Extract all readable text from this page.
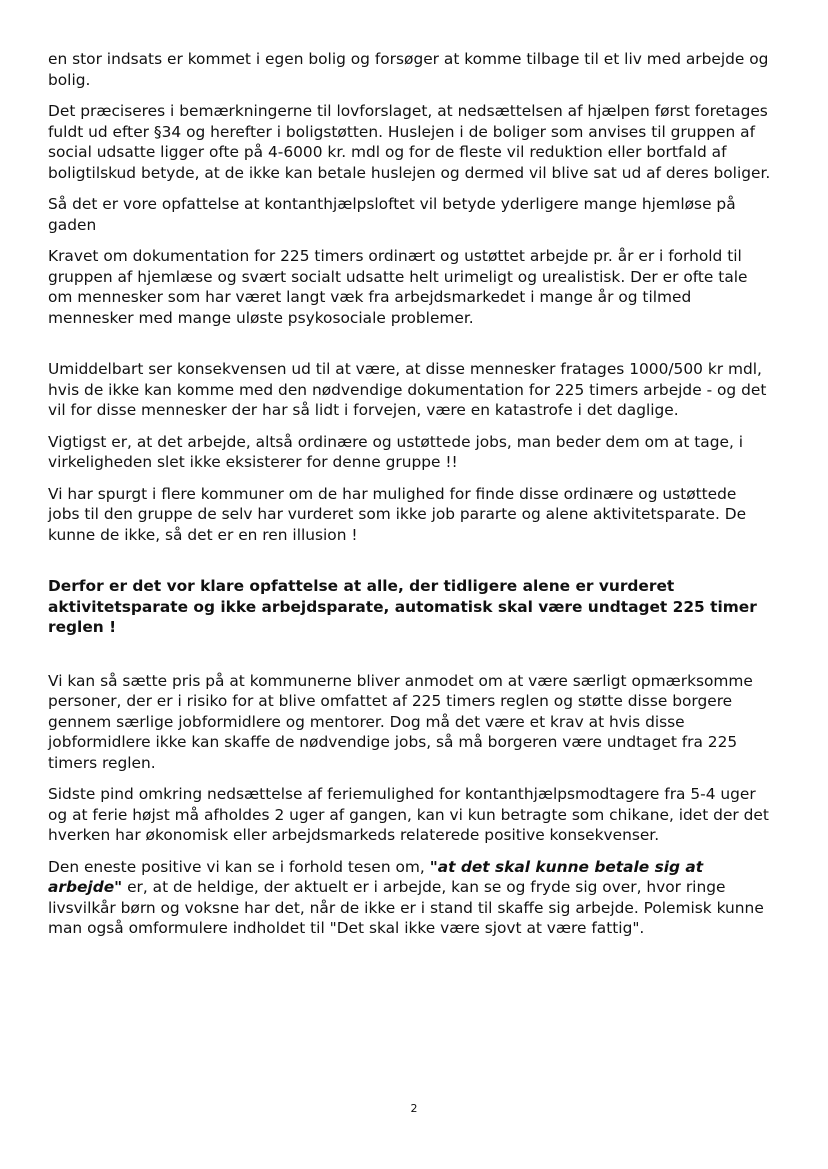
en stor indsats er kommet i egen bolig og forsøger at komme tilbage til et liv med arbejde og bolig.

Det præciseres i bemærkningerne til lovforslaget, at nedsættelsen af hjælpen først foretages fuldt ud efter §34 og herefter i boligstøtten. Huslejen i de boliger som anvises til gruppen af social udsatte ligger ofte på 4-6000 kr. mdl og for de fleste vil reduktion eller bortfald af boligtilskud betyde, at de ikke kan betale huslejen og dermed vil blive sat ud af deres boliger.

Så det er vore opfattelse at kontanthjælpsloftet vil betyde yderligere mange hjemløse på gaden

Kravet om dokumentation for 225 timers ordinært og ustøttet arbejde pr. år er i forhold til gruppen af hjemlæse og svært socialt udsatte helt urimeligt og urealistisk. Der er ofte tale om mennesker som har været langt væk fra arbejdsmarkedet i mange år og tilmed mennesker med mange uløste psykosociale problemer.

Umiddelbart ser konsekvensen ud til at være, at disse mennesker fratages 1000/500 kr mdl, hvis de ikke kan komme med den nødvendige dokumentation for 225 timers arbejde - og det vil for disse mennesker der har så lidt i forvejen, være en katastrofe i det daglige.

Vigtigst er, at det arbejde, altså ordinære og ustøttede jobs, man beder dem om at tage, i virkeligheden slet ikke eksisterer for denne gruppe !!

Vi har spurgt i flere kommuner om de har mulighed for finde disse ordinære og ustøttede jobs til den gruppe de selv har vurderet som ikke job pararte og alene aktivitetsparate. De kunne de ikke, så det er en ren illusion !

Derfor er det vor klare opfattelse at alle, der tidligere alene er vurderet aktivitetsparate og ikke arbejdsparate, automatisk skal være undtaget 225 timer reglen !

Vi kan så sætte pris på at kommunerne bliver anmodet om at være særligt opmærksomme personer, der er i risiko for at blive omfattet af 225 timers reglen og støtte disse borgere gennem særlige jobformidlere og mentorer. Dog må det være et krav at hvis disse jobformidlere ikke kan skaffe de nødvendige jobs, så må borgeren være undtaget fra 225 timers reglen.

Sidste pind omkring nedsættelse af feriemulighed for kontanthjælpsmodtagere fra 5-4 uger og at ferie højst må afholdes 2 uger af gangen, kan vi kun betragte som chikane, idet der det hverken har økonomisk eller arbejdsmarkeds relaterede positive konsekvenser.

Den eneste positive vi kan se i forhold tesen om, "at det skal kunne betale sig at arbejde" er, at de heldige, der aktuelt er i arbejde, kan se og fryde sig over, hvor ringe livsvilkår børn og voksne har det, når de ikke er i stand til skaffe sig arbejde. Polemisk kunne man også omformulere indholdet til "Det skal ikke være sjovt at være fattig".

2
